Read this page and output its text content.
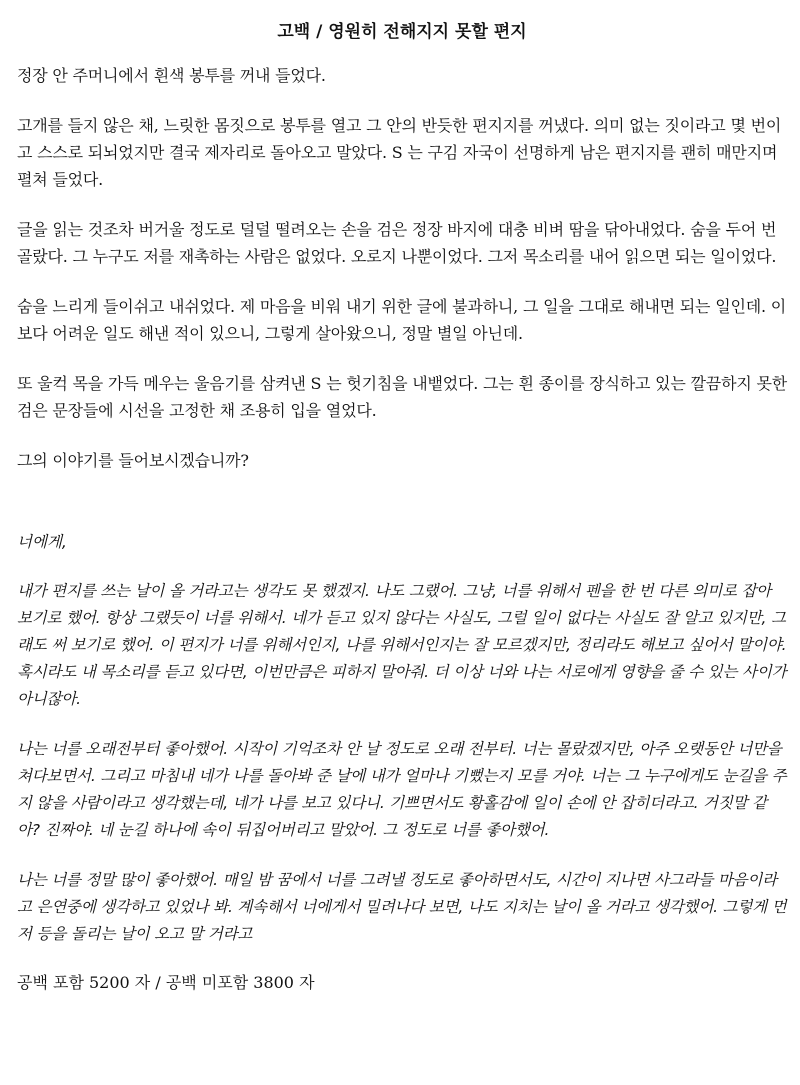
고백 / 영원히 전해지지 못할 편지

정장 안 주머니에서 흰색 봉투를 꺼내 들었다.

고개를 들지 않은 채, 느릿한 몸짓으로 봉투를 열고 그 안의 반듯한 편지지를 꺼냈다. 의미 없는 짓이라고 몇 번이고 스스로 되뇌었지만 결국 제자리로 돌아오고 말았다. S 는 구김 자국이 선명하게 남은 편지지를 괜히 매만지며 펼쳐 들었다.

글을 읽는 것조차 버거울 정도로 덜덜 떨려오는 손을 검은 정장 바지에 대충 비벼 땀을 닦아내었다. 숨을 두어 번 골랐다. 그 누구도 저를 재촉하는 사람은 없었다. 오로지 나뿐이었다. 그저 목소리를 내어 읽으면 되는 일이었다.

숨을 느리게 들이쉬고 내쉬었다. 제 마음을 비워 내기 위한 글에 불과하니, 그 일을 그대로 해내면 되는 일인데. 이보다 어려운 일도 해낸 적이 있으니, 그렇게 살아왔으니, 정말 별일 아닌데.

또 울컥 목을 가득 메우는 울음기를 삼켜낸 S 는 헛기침을 내뱉었다. 그는 흰 종이를 장식하고 있는 깔끔하지 못한 검은 문장들에 시선을 고정한 채 조용히 입을 열었다.

그의 이야기를 들어보시겠습니까?

너에게,

내가 편지를 쓰는 날이 올 거라고는 생각도 못 했겠지. 나도 그랬어. 그냥, 너를 위해서 펜을 한 번 다른 의미로 잡아 보기로 했어. 항상 그랬듯이 너를 위해서. 네가 듣고 있지 않다는 사실도, 그럴 일이 없다는 사실도 잘 알고 있지만, 그래도 써 보기로 했어. 이 편지가 너를 위해서인지, 나를 위해서인지는 잘 모르겠지만, 정리라도 해보고 싶어서 말이야. 혹시라도 내 목소리를 듣고 있다면, 이번만큼은 피하지 말아줘. 더 이상 너와 나는 서로에게 영향을 줄 수 있는 사이가 아니잖아.

나는 너를 오래전부터 좋아했어. 시작이 기억조차 안 날 정도로 오래 전부터. 너는 몰랐겠지만, 아주 오랫동안 너만을 쳐다보면서. 그리고 마침내 네가 나를 돌아봐 준 날에 내가 얼마나 기뻤는지 모를 거야. 너는 그 누구에게도 눈길을 주지 않을 사람이라고 생각했는데, 네가 나를 보고 있다니. 기쁘면서도 황홀감에 일이 손에 안 잡히더라고. 거짓말 같아? 진짜야. 네 눈길 하나에 속이 뒤집어버리고 말았어. 그 정도로 너를 좋아했어.

나는 너를 정말 많이 좋아했어. 매일 밤 꿈에서 너를 그려낼 정도로 좋아하면서도, 시간이 지나면 사그라들 마음이라고 은연중에 생각하고 있었나 봐. 계속해서 너에게서 밀려나다 보면, 나도 지치는 날이 올 거라고 생각했어. 그렇게 먼저 등을 돌리는 날이 오고 말 거라고

공백 포함 5200 자 / 공백 미포함 3800 자
